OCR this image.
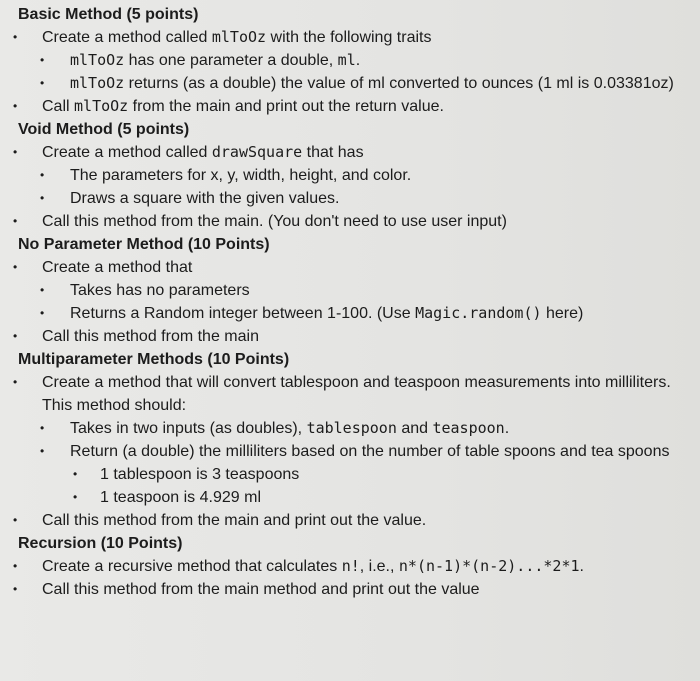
Basic Method (5 points)
• Create a method called mlToOz with the following traits
• mlToOz has one parameter a double, ml.
• mlToOz returns (as a double) the value of ml converted to ounces (1 ml is 0.03381oz)
• Call mlToOz from the main and print out the return value.
Void Method (5 points)
• Create a method called drawSquare that has
• The parameters for x, y, width, height, and color.
• Draws a square with the given values.
• Call this method from the main. (You don't need to use user input)
No Parameter Method (10 Points)
• Create a method that
• Takes has no parameters
• Returns a Random integer between 1-100. (Use Magic.random() here)
• Call this method from the main
Multiparameter Methods (10 Points)
• Create a method that will convert tablespoon and teaspoon measurements into milliliters. This method should:
• Takes in two inputs (as doubles), tablespoon and teaspoon.
• Return (a double) the milliliters based on the number of table spoons and tea spoons
• 1 tablespoon is 3 teaspoons
• 1 teaspoon is 4.929 ml
• Call this method from the main and print out the value.
Recursion (10 Points)
• Create a recursive method that calculates n!, i.e., n*(n-1)*(n-2)...*2*1.
• Call this method from the main method and print out the value
